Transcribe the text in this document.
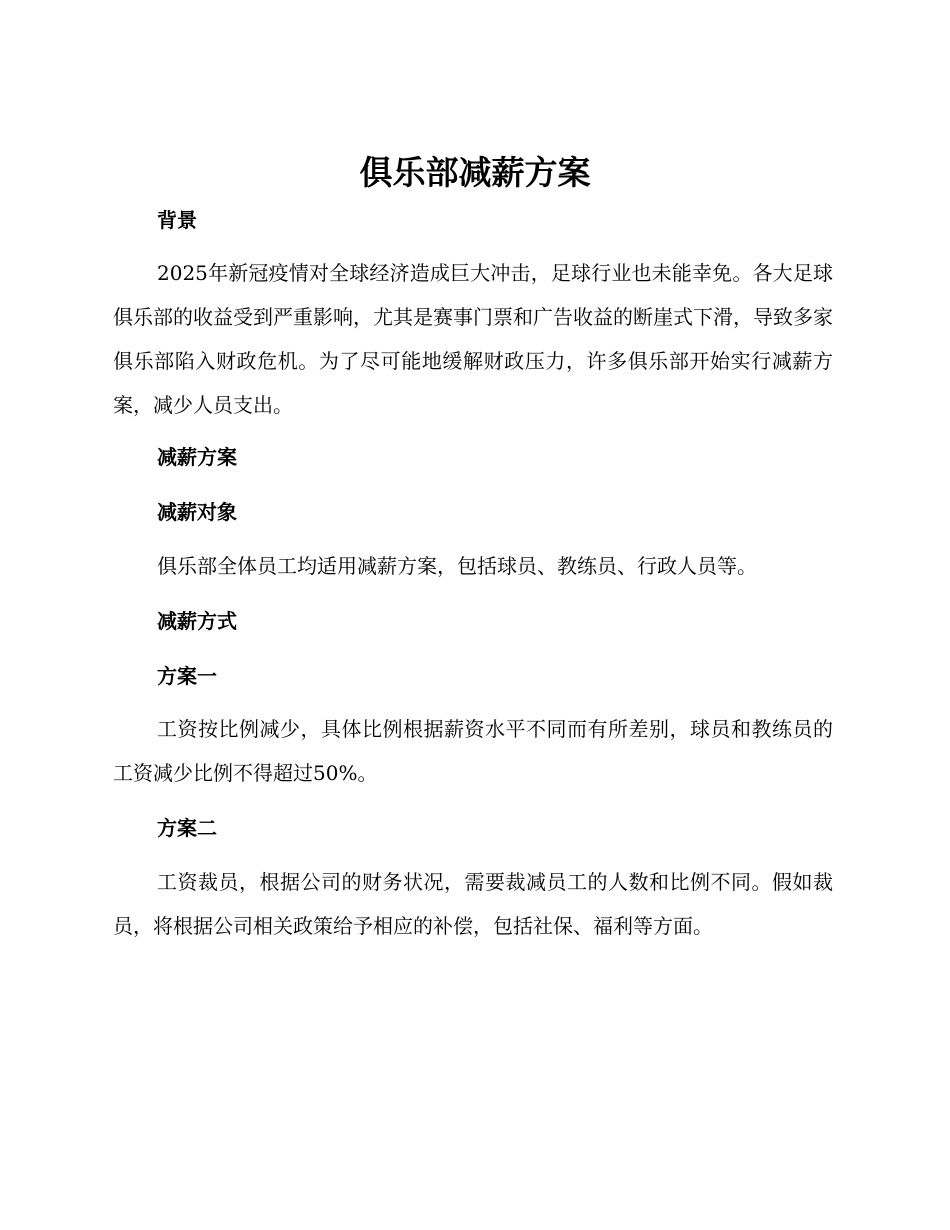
俱乐部减薪方案
背景

2025年新冠疫情对全球经济造成巨大冲击，足球行业也未能幸免。各大足球俱乐部的收益受到严重影响，尤其是赛事门票和广告收益的断崖式下滑，导致多家俱乐部陷入财政危机。为了尽可能地缓解财政压力，许多俱乐部开始实行减薪方案，减少人员支出。

减薪方案
减薪对象

俱乐部全体员工均适用减薪方案，包括球员、教练员、行政人员等。

减薪方式
方案一

工资按比例减少，具体比例根据薪资水平不同而有所差别，球员和教练员的工资减少比例不得超过50%。

方案二

工资裁员，根据公司的财务状况，需要裁减员工的人数和比例不同。假如裁员，将根据公司相关政策给予相应的补偿，包括社保、福利等方面。
